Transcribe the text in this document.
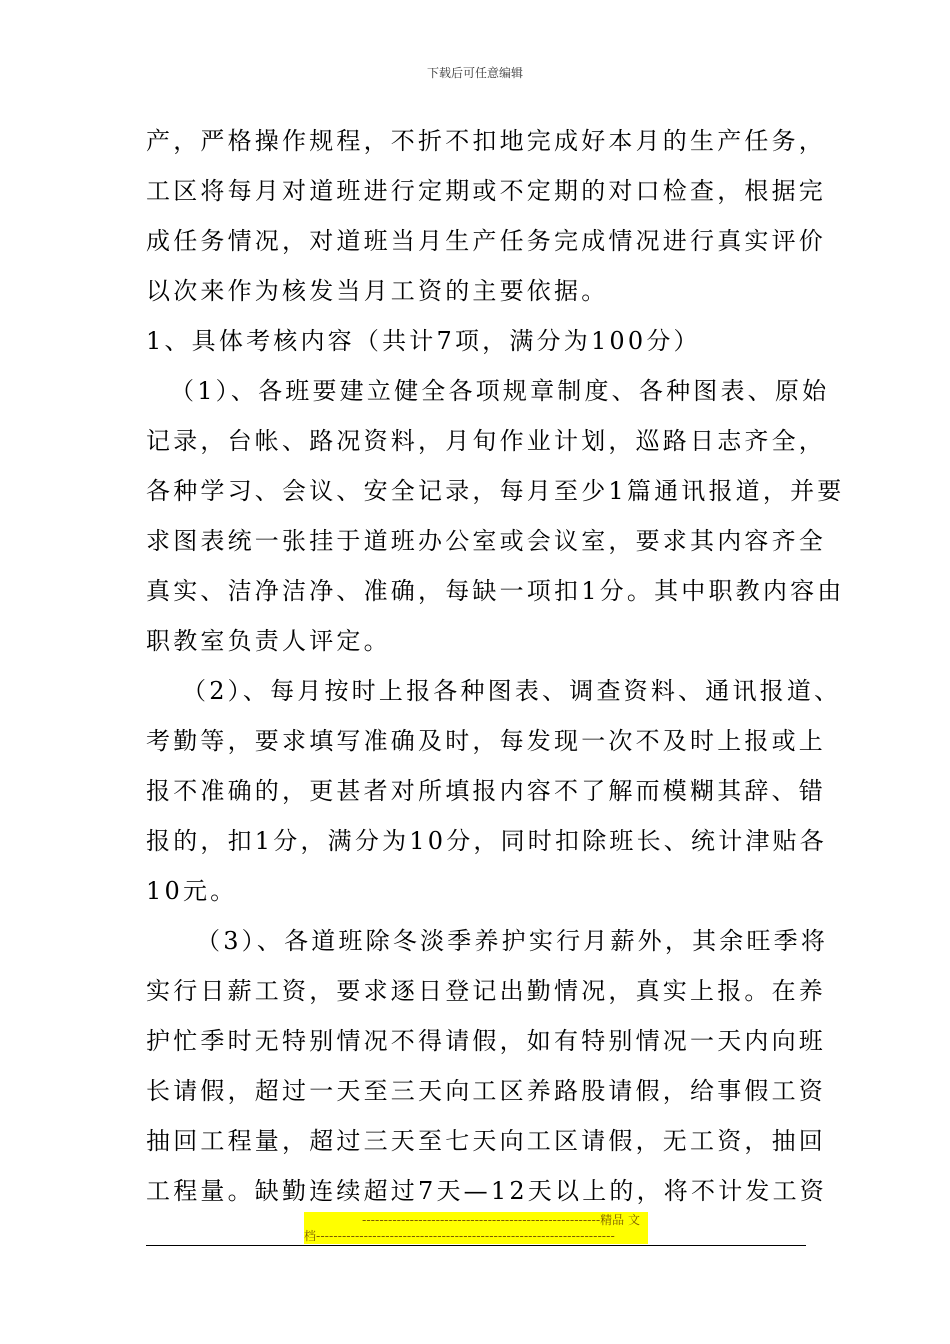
下载后可任意编辑
产，严格操作规程，不折不扣地完成好本月的生产任务，
工区将每月对道班进行定期或不定期的对口检查，根据完
成任务情况，对道班当月生产任务完成情况进行真实评价
以次来作为核发当月工资的主要依据。
1、具体考核内容（共计7项，满分为100分）
（1）、各班要建立健全各项规章制度、各种图表、原始
记录，台帐、路况资料，月旬作业计划，巡路日志齐全，
各种学习、会议、安全记录，每月至少1篇通讯报道，并要
求图表统一张挂于道班办公室或会议室，要求其内容齐全
真实、洁净洁净、准确，每缺一项扣1分。其中职教内容由
职教室负责人评定。
（2）、每月按时上报各种图表、调查资料、通讯报道、
考勤等，要求填写准确及时，每发现一次不及时上报或上
报不准确的，更甚者对所填报内容不了解而模糊其辞、错
报的，扣1分，满分为10分，同时扣除班长、统计津贴各
10元。
（3）、各道班除冬淡季养护实行月薪外，其余旺季将
实行日薪工资，要求逐日登记出勤情况，真实上报。在养
护忙季时无特别情况不得请假，如有特别情况一天内向班
长请假，超过一天至三天向工区养路股请假，给事假工资
抽回工程量，超过三天至七天向工区请假，无工资，抽回
工程量。缺勤连续超过7天—12天以上的，将不计发工资
-------------------------------------------------------精品 文
档---------------------------------------------------------------------
